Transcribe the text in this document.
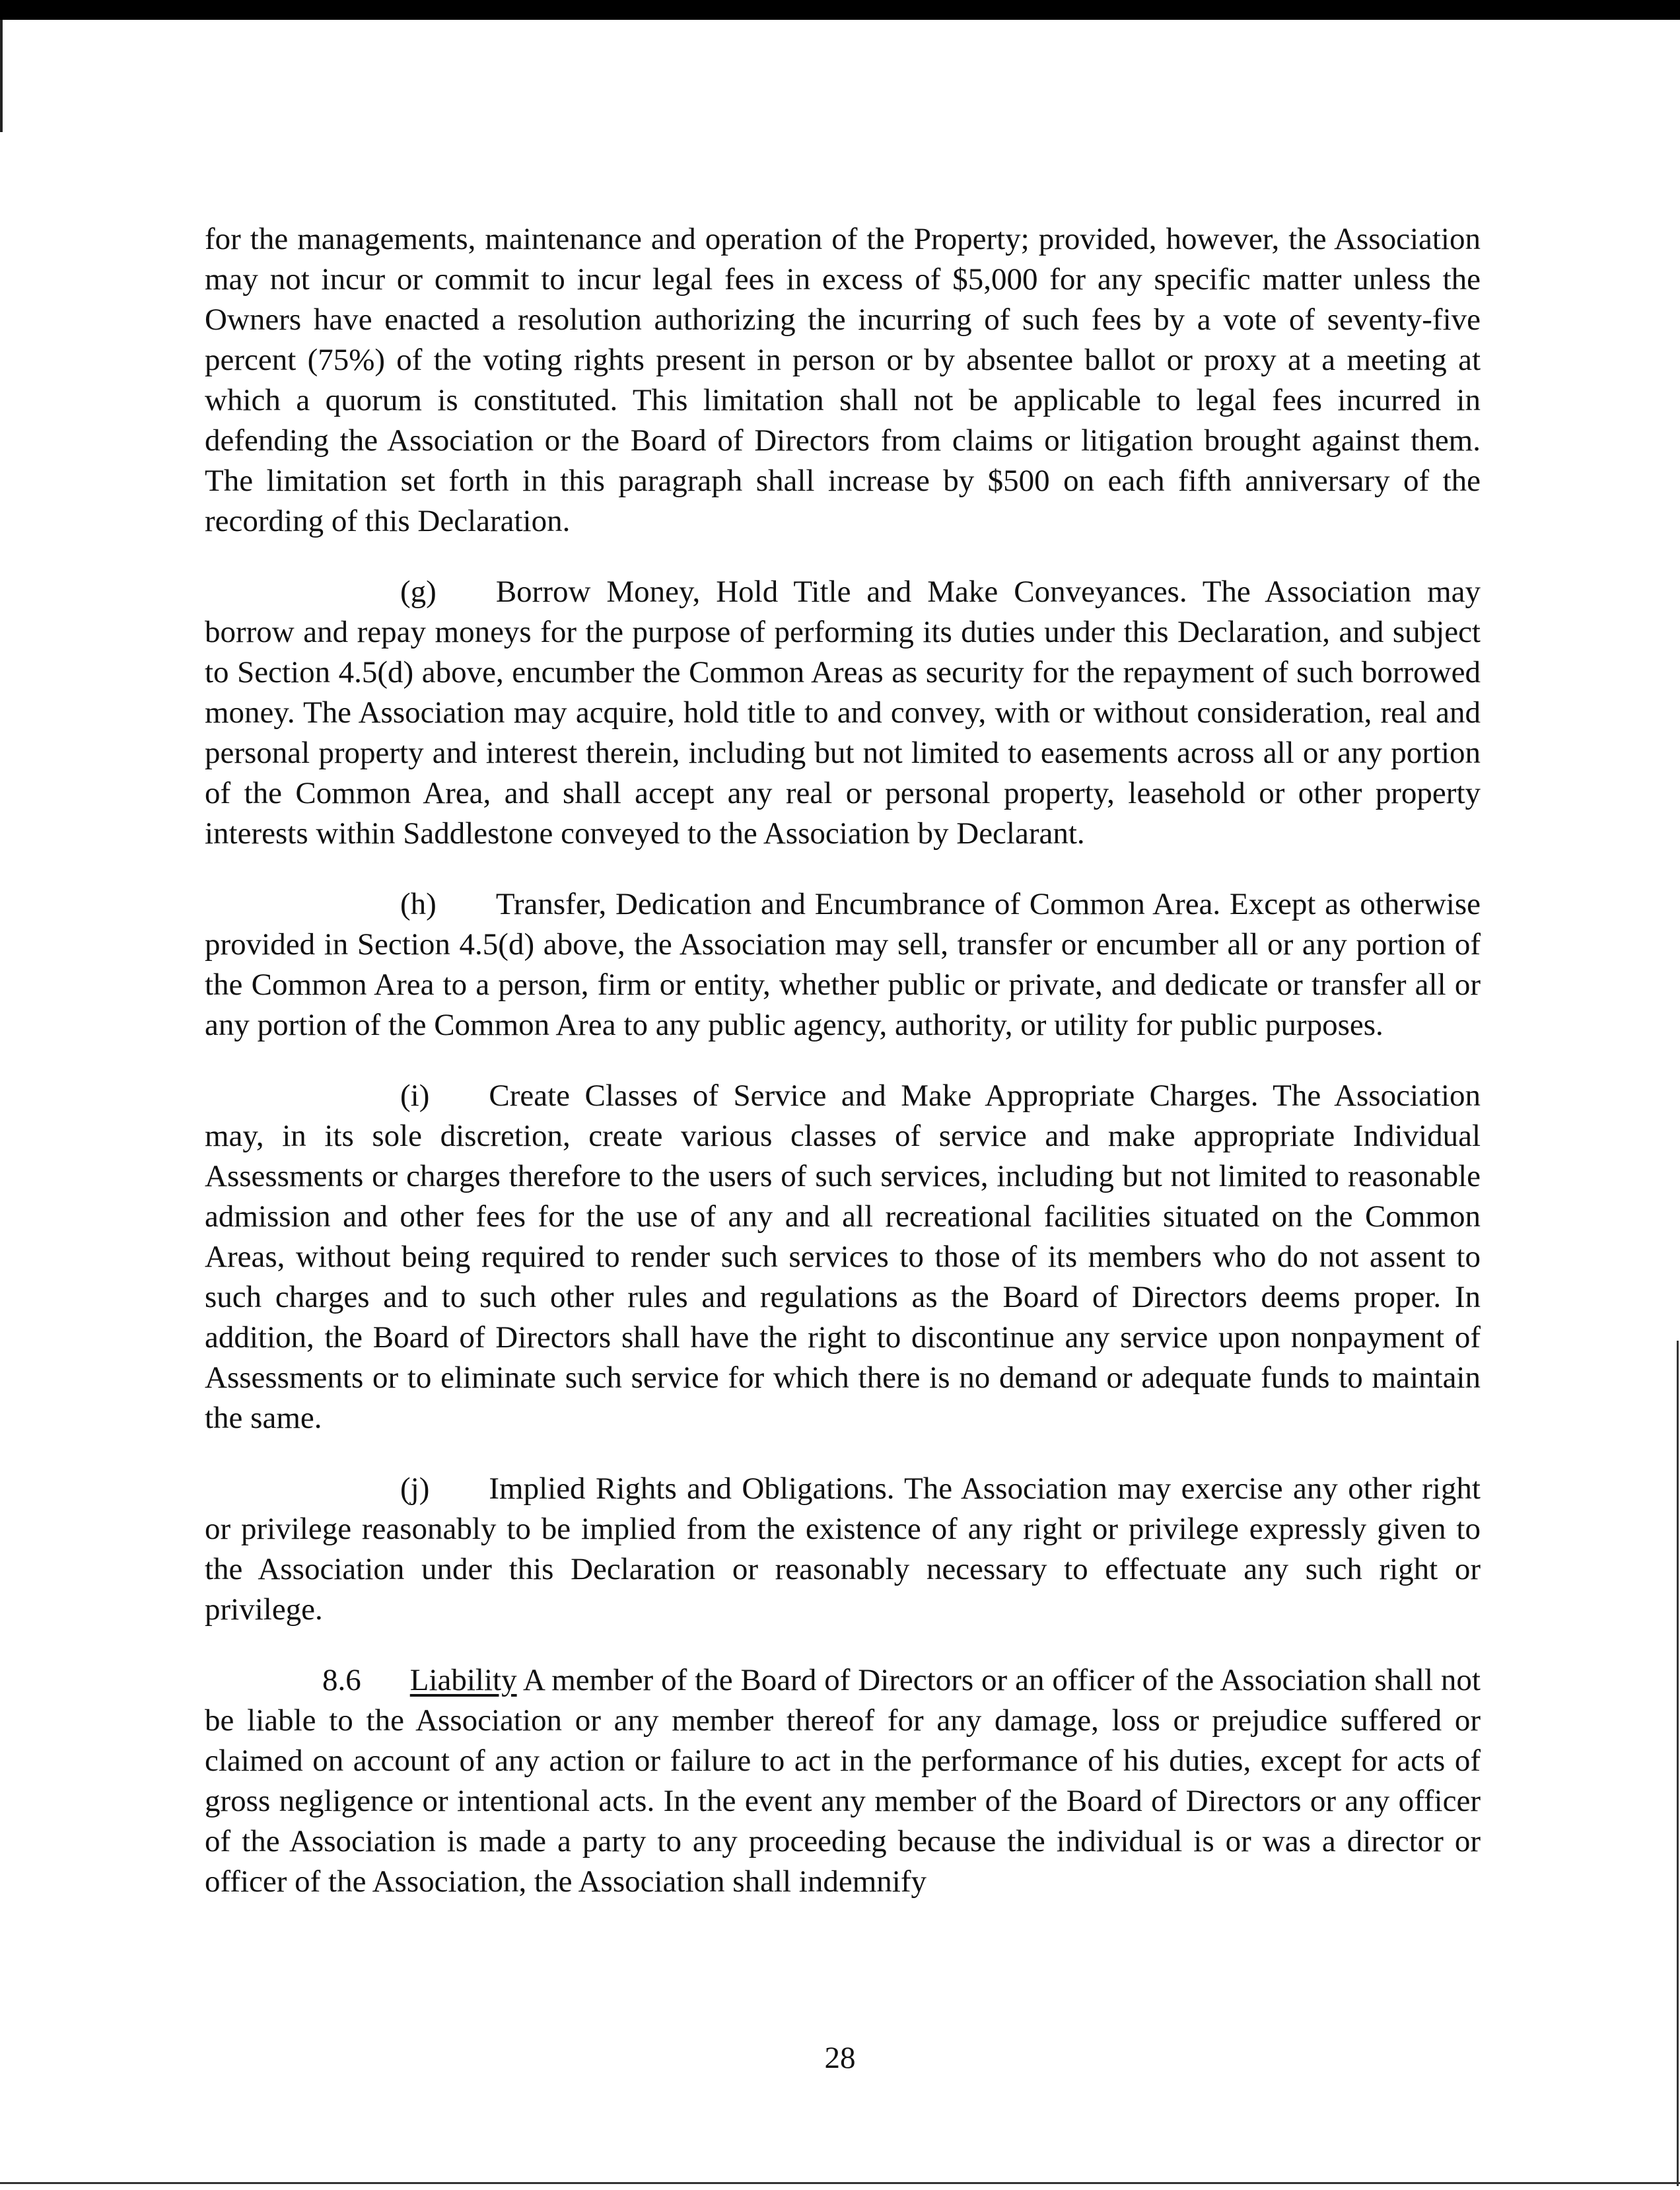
for the managements, maintenance and operation of the Property; provided, however, the Association may not incur or commit to incur legal fees in excess of $5,000 for any specific matter unless the Owners have enacted a resolution authorizing the incurring of such fees by a vote of seventy-five percent (75%) of the voting rights present in person or by absentee ballot or proxy at a meeting at which a quorum is constituted. This limitation shall not be applicable to legal fees incurred in defending the Association or the Board of Directors from claims or litigation brought against them. The limitation set forth in this paragraph shall increase by $500 on each fifth anniversary of the recording of this Declaration.

(g) Borrow Money, Hold Title and Make Conveyances. The Association may borrow and repay moneys for the purpose of performing its duties under this Declaration, and subject to Section 4.5(d) above, encumber the Common Areas as security for the repayment of such borrowed money. The Association may acquire, hold title to and convey, with or without consideration, real and personal property and interest therein, including but not limited to easements across all or any portion of the Common Area, and shall accept any real or personal property, leasehold or other property interests within Saddlestone conveyed to the Association by Declarant.

(h) Transfer, Dedication and Encumbrance of Common Area. Except as otherwise provided in Section 4.5(d) above, the Association may sell, transfer or encumber all or any portion of the Common Area to a person, firm or entity, whether public or private, and dedicate or transfer all or any portion of the Common Area to any public agency, authority, or utility for public purposes.

(i) Create Classes of Service and Make Appropriate Charges. The Association may, in its sole discretion, create various classes of service and make appropriate Individual Assessments or charges therefore to the users of such services, including but not limited to reasonable admission and other fees for the use of any and all recreational facilities situated on the Common Areas, without being required to render such services to those of its members who do not assent to such charges and to such other rules and regulations as the Board of Directors deems proper. In addition, the Board of Directors shall have the right to discontinue any service upon nonpayment of Assessments or to eliminate such service for which there is no demand or adequate funds to maintain the same.

(j) Implied Rights and Obligations. The Association may exercise any other right or privilege reasonably to be implied from the existence of any right or privilege expressly given to the Association under this Declaration or reasonably necessary to effectuate any such right or privilege.

8.6 Liability A member of the Board of Directors or an officer of the Association shall not be liable to the Association or any member thereof for any damage, loss or prejudice suffered or claimed on account of any action or failure to act in the performance of his duties, except for acts of gross negligence or intentional acts. In the event any member of the Board of Directors or any officer of the Association is made a party to any proceeding because the individual is or was a director or officer of the Association, the Association shall indemnify

28
